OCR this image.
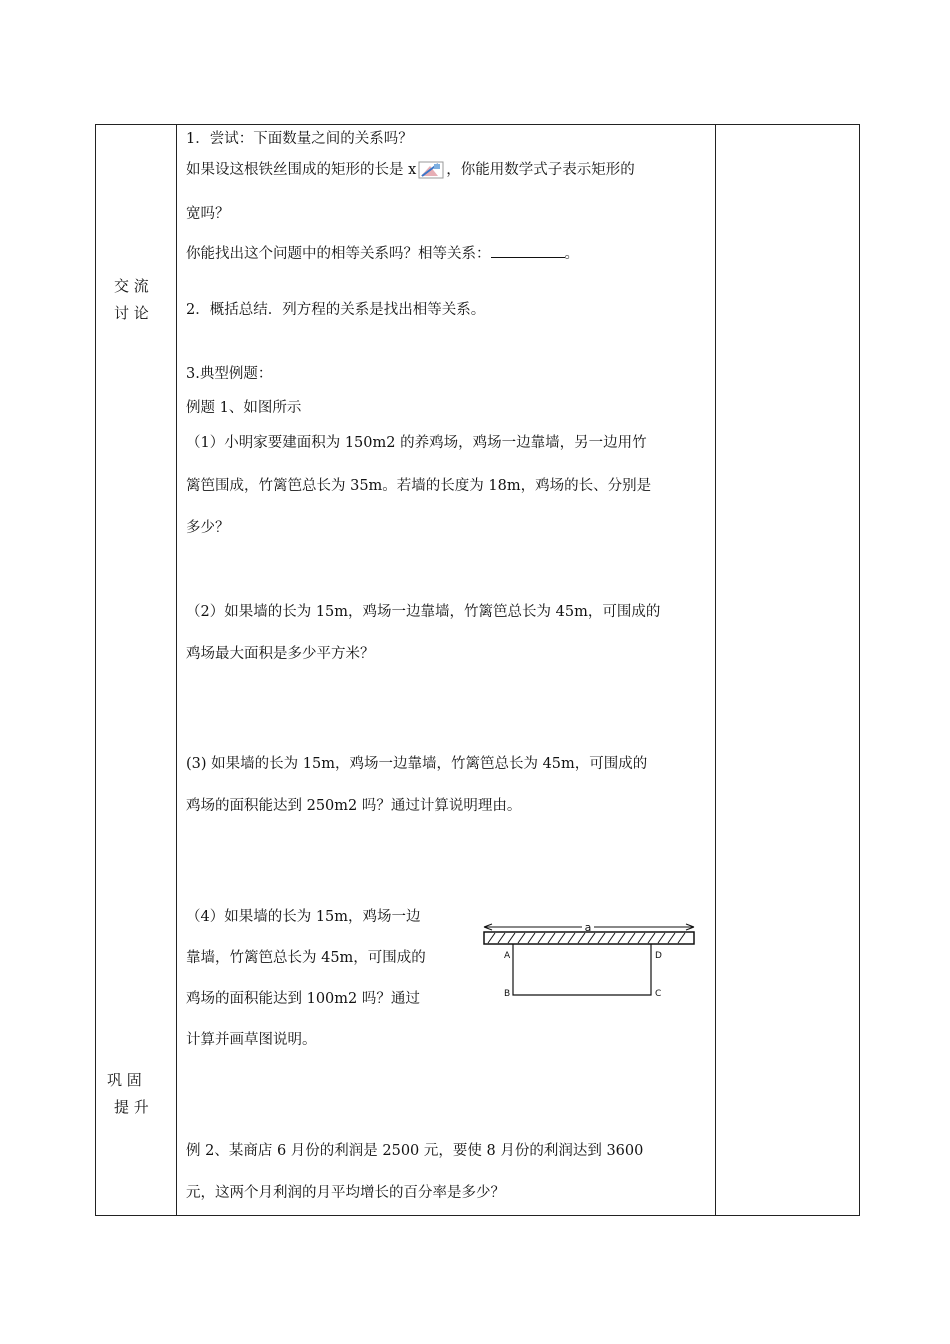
交 流
讨 论
巩 固
提 升
1．尝试：下面数量之间的关系吗？
如果设这根铁丝围成的矩形的长是 x ，你能用数学式子表示矩形的
宽吗？
你能找出这个问题中的相等关系吗？相等关系：	。
2．概括总结．列方程的关系是找出相等关系。
3.典型例题：
例题 1、如图所示
（1）小明家要建面积为 150m2 的养鸡场，鸡场一边靠墙，另一边用竹
篱笆围成，竹篱笆总长为 35m。若墙的长度为 18m，鸡场的长、分别是
多少？
（2）如果墙的长为 15m，鸡场一边靠墙，竹篱笆总长为 45m，可围成的
鸡场最大面积是多少平方米？
(3) 如果墙的长为 15m，鸡场一边靠墙，竹篱笆总长为 45m，可围成的
鸡场的面积能达到 250m2 吗？通过计算说明理由。
（4）如果墙的长为 15m，鸡场一边
靠墙，竹篱笆总长为 45m，可围成的
鸡场的面积能达到 100m2 吗？通过
计算并画草图说明。
例 2、某商店 6 月份的利润是 2500 元，要使 8 月份的利润达到 3600
元，这两个月利润的月平均增长的百分率是多少？
a
A
B	C
D
